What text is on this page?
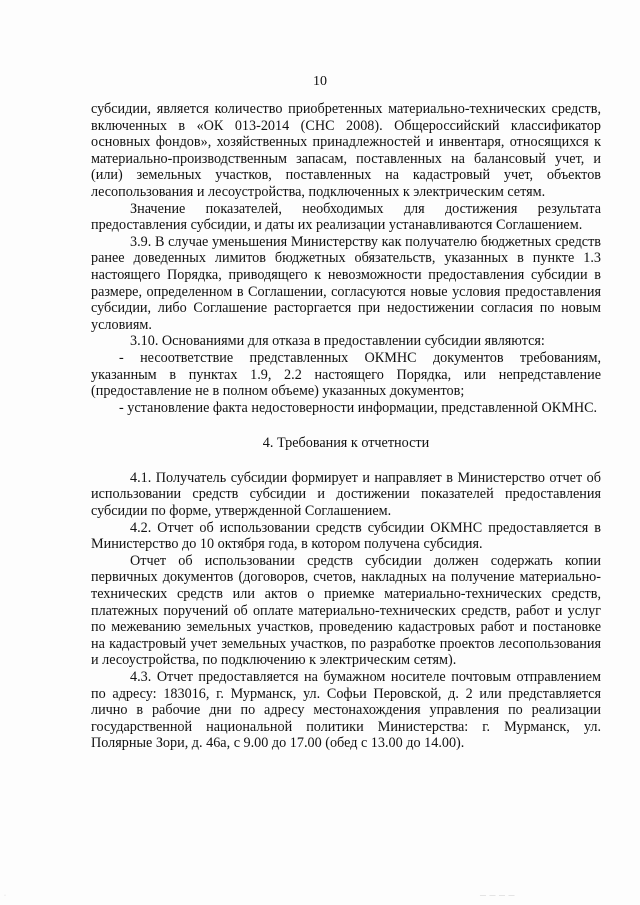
10

субсидии, является количество приобретенных материально-технических средств, включенных в «ОК 013-2014 (СНС 2008). Общероссийский классификатор основных фондов», хозяйственных принадлежностей и инвентаря, относящихся к материально-производственным запасам, поставленных на балансовый учет, и (или) земельных участков, поставленных на кадастровый учет, объектов лесопользования и лесоустройства, подключенных к электрическим сетям.

Значение показателей, необходимых для достижения результата предоставления субсидии, и даты их реализации устанавливаются Соглашением.

3.9. В случае уменьшения Министерству как получателю бюджетных средств ранее доведенных лимитов бюджетных обязательств, указанных в пункте 1.3 настоящего Порядка, приводящего к невозможности предоставления субсидии в размере, определенном в Соглашении, согласуются новые условия предоставления субсидии, либо Соглашение расторгается при недостижении согласия по новым условиям.

3.10. Основаниями для отказа в предоставлении субсидии являются:

- несоответствие представленных ОКМНС документов требованиям, указанным в пунктах 1.9, 2.2 настоящего Порядка, или непредставление (предоставление не в полном объеме) указанных документов;

- установление факта недостоверности информации, представленной ОКМНС.

4. Требования к отчетности

4.1. Получатель субсидии формирует и направляет в Министерство отчет об использовании средств субсидии и достижении показателей предоставления субсидии по форме, утвержденной Соглашением.

4.2. Отчет об использовании средств субсидии ОКМНС предоставляется в Министерство до 10 октября года, в котором получена субсидия.

Отчет об использовании средств субсидии должен содержать копии первичных документов (договоров, счетов, накладных на получение материально-технических средств или актов о приемке материально-технических средств, платежных поручений об оплате материально-технических средств, работ и услуг по межеванию земельных участков, проведению кадастровых работ и постановке на кадастровый учет земельных участков, по разработке проектов лесопользования и лесоустройства, по подключению к электрическим сетям).

4.3. Отчет предоставляется на бумажном носителе почтовым отправлением по адресу: 183016, г. Мурманск, ул. Софьи Перовской, д. 2 или представляется лично в рабочие дни по адресу местонахождения управления по реализации государственной национальной политики Министерства: г. Мурманск, ул. Полярные Зори, д. 46а, с 9.00 до 17.00 (обед с 13.00 до 14.00).

·	— — — —
